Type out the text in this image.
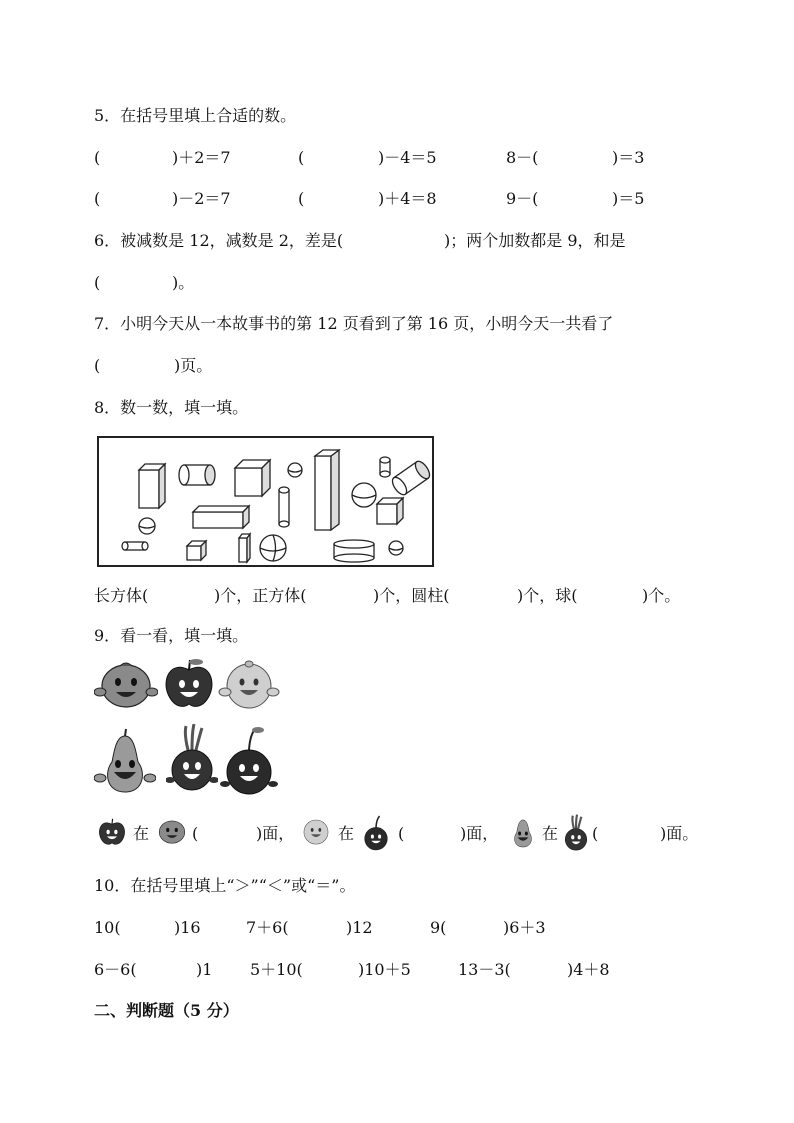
5．在括号里填上合适的数。
(	)＋2＝7	(	)－4＝5	8－(	)＝3
(	)－2＝7	(	)＋4＝8	9－(	)＝5
6．被减数是 12，减数是 2，差是(	)；两个加数都是 9，和是
(	)。
7．小明今天从一本故事书的第 12 页看到了第 16 页，小明今天一共看了
(	)页。
8．数一数，填一填。
长方体(	)个，正方体(	)个，圆柱(	)个，球(	)个。
9．看一看，填一填。
在	(	)面，	在	(	)面，	在 (	)面。
10．在括号里填上“＞”“＜”或“＝”。
10(	)16	7＋6(	)12	9(	)6＋3
6－6(	)1 5＋10(	)10＋5	13－3(	)4＋8
二、判断题（5 分）
